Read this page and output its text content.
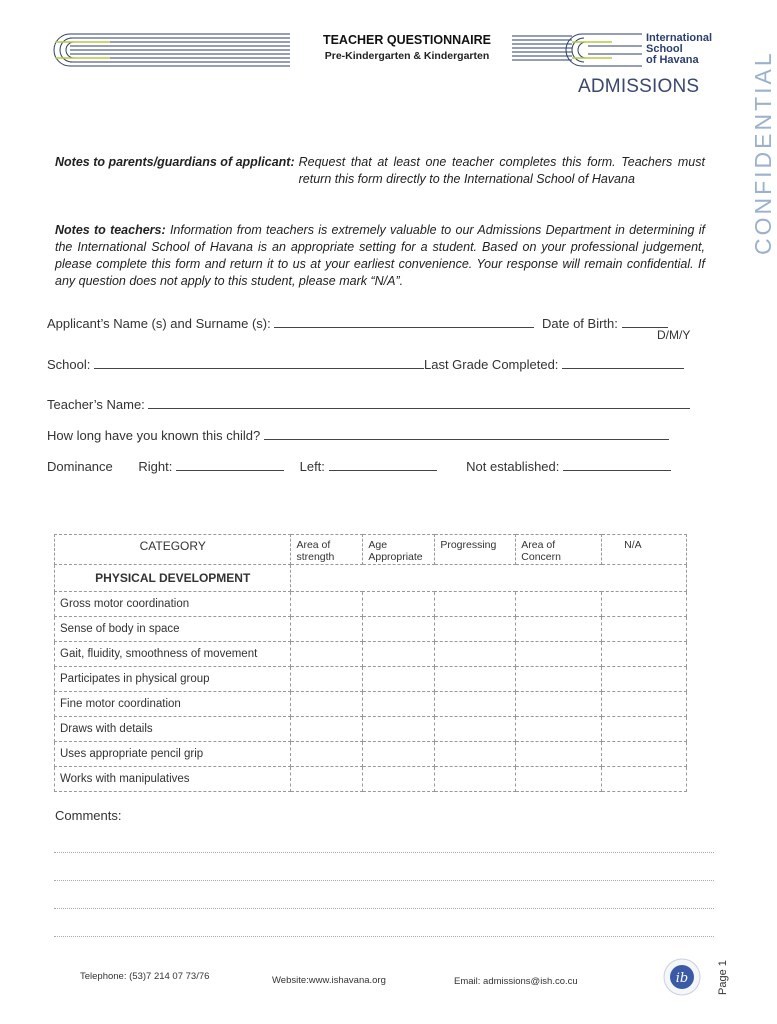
TEACHER QUESTIONNAIRE
Pre-Kindergarten & Kindergarten
International
School
of Havana
ADMISSIONS CONFIDENTIAL
Notes to parents/guardians of applicant: Request that at least one teacher completes this form. Teachers must return this form directly to the International School of Havana
Notes to teachers: Information from teachers is extremely valuable to our Admissions Department in determining if the International School of Havana is an appropriate setting for a student. Based on your professional judgement, please complete this form and return it to us at your earliest convenience. Your response will remain confidential. If any question does not apply to this student, please mark “N/A”.
Applicant’s Name (s) and Surname (s):	Date of Birth:
D/M/Y
School:	Last Grade Completed:
Teacher’s Name:
How long have you known this child?
Dominance Right:	Left:	Not established:
CATEGORY	Area of strength	Age Appropriate	Progressing	Area of Concern	N/A
PHYSICAL DEVELOPMENT					
Gross motor coordination					
Sense of body in space					
Gait, fluidity, smoothness of movement					
Participates in physical group					
Fine motor coordination					
Draws with details					
Uses appropriate pencil grip					
Works with manipulatives					
Comments:
Telephone: (53)7 214 07 73/76	Website:www.ishavana.org	Email: admissions@ish.co.cu	ib	Page 1
